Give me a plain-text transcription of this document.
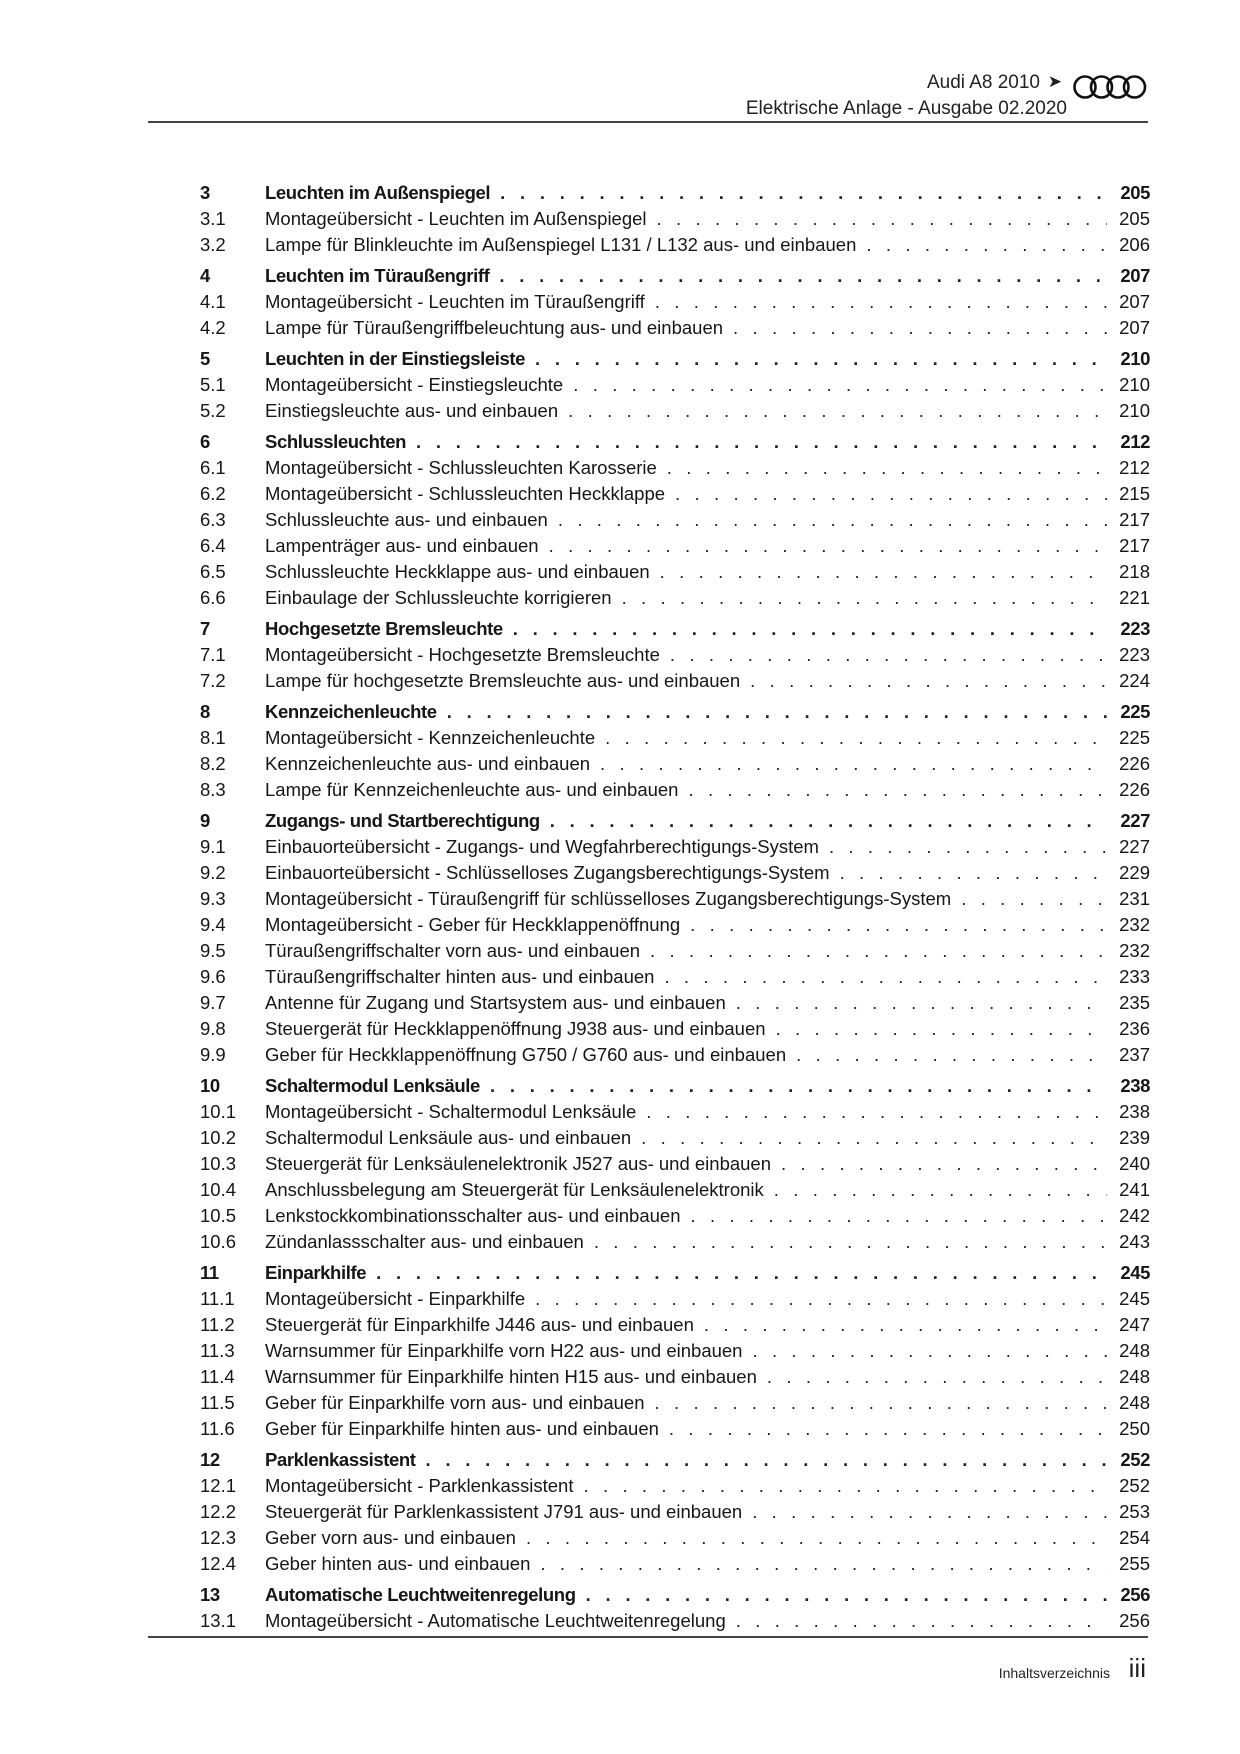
Audi A8 2010 ➤
Elektrische Anlage - Ausgabe 02.2020
3	Leuchten im Außenspiegel . . .	205
3.1	Montageübersicht - Leuchten im Außenspiegel . . .	205
3.2	Lampe für Blinkleuchte im Außenspiegel L131 / L132 aus- und einbauen . . .	206
4	Leuchten im Türaußengriff . . .	207
4.1	Montageübersicht - Leuchten im Türaußengriff . . .	207
4.2	Lampe für Türaußengriffbeleuchtung aus- und einbauen . . .	207
5	Leuchten in der Einstiegsleiste . . .	210
5.1	Montageübersicht - Einstiegsleuchte . . .	210
5.2	Einstiegsleuchte aus- und einbauen . . .	210
6	Schlussleuchten . . .	212
6.1	Montageübersicht - Schlussleuchten Karosserie . . .	212
6.2	Montageübersicht - Schlussleuchten Heckklappe . . .	215
6.3	Schlussleuchte aus- und einbauen . . .	217
6.4	Lampenträger aus- und einbauen . . .	217
6.5	Schlussleuchte Heckklappe aus- und einbauen . . .	218
6.6	Einbaulage der Schlussleuchte korrigieren . . .	221
7	Hochgesetzte Bremsleuchte . . .	223
7.1	Montageübersicht - Hochgesetzte Bremsleuchte . . .	223
7.2	Lampe für hochgesetzte Bremsleuchte aus- und einbauen . . .	224
8	Kennzeichenleuchte . . .	225
8.1	Montageübersicht - Kennzeichenleuchte . . .	225
8.2	Kennzeichenleuchte aus- und einbauen . . .	226
8.3	Lampe für Kennzeichenleuchte aus- und einbauen . . .	226
9	Zugangs- und Startberechtigung . . .	227
9.1	Einbauorteübersicht - Zugangs- und Wegfahrberechtigungs-System . . .	227
9.2	Einbauorteübersicht - Schlüsselloses Zugangsberechtigungs-System . . .	229
9.3	Montageübersicht - Türaußengriff für schlüsselloses Zugangsberechtigungs-System . . .	231
9.4	Montageübersicht - Geber für Heckklappenöffnung . . .	232
9.5	Türaußengriffschalter vorn aus- und einbauen . . .	232
9.6	Türaußengriffschalter hinten aus- und einbauen . . .	233
9.7	Antenne für Zugang und Startsystem aus- und einbauen . . .	235
9.8	Steuergerät für Heckklappenöffnung J938 aus- und einbauen . . .	236
9.9	Geber für Heckklappenöffnung G750 / G760 aus- und einbauen . . .	237
10	Schaltermodul Lenksäule . . .	238
10.1	Montageübersicht - Schaltermodul Lenksäule . . .	238
10.2	Schaltermodul Lenksäule aus- und einbauen . . .	239
10.3	Steuergerät für Lenksäulenelektronik J527 aus- und einbauen . . .	240
10.4	Anschlussbelegung am Steuergerät für Lenksäulenelektronik . . .	241
10.5	Lenkstockkombinationsschalter aus- und einbauen . . .	242
10.6	Zündanlassschalter aus- und einbauen . . .	243
11	Einparkhilfe . . .	245
11.1	Montageübersicht - Einparkhilfe . . .	245
11.2	Steuergerät für Einparkhilfe J446 aus- und einbauen . . .	247
11.3	Warnsummer für Einparkhilfe vorn H22 aus- und einbauen . . .	248
11.4	Warnsummer für Einparkhilfe hinten H15 aus- und einbauen . . .	248
11.5	Geber für Einparkhilfe vorn aus- und einbauen . . .	248
11.6	Geber für Einparkhilfe hinten aus- und einbauen . . .	250
12	Parklenkassistent . . .	252
12.1	Montageübersicht - Parklenkassistent . . .	252
12.2	Steuergerät für Parklenkassistent J791 aus- und einbauen . . .	253
12.3	Geber vorn aus- und einbauen . . .	254
12.4	Geber hinten aus- und einbauen . . .	255
13	Automatische Leuchtweitenregelung . . .	256
13.1	Montageübersicht - Automatische Leuchtweitenregelung . . .	256
Inhaltsverzeichnis iii
